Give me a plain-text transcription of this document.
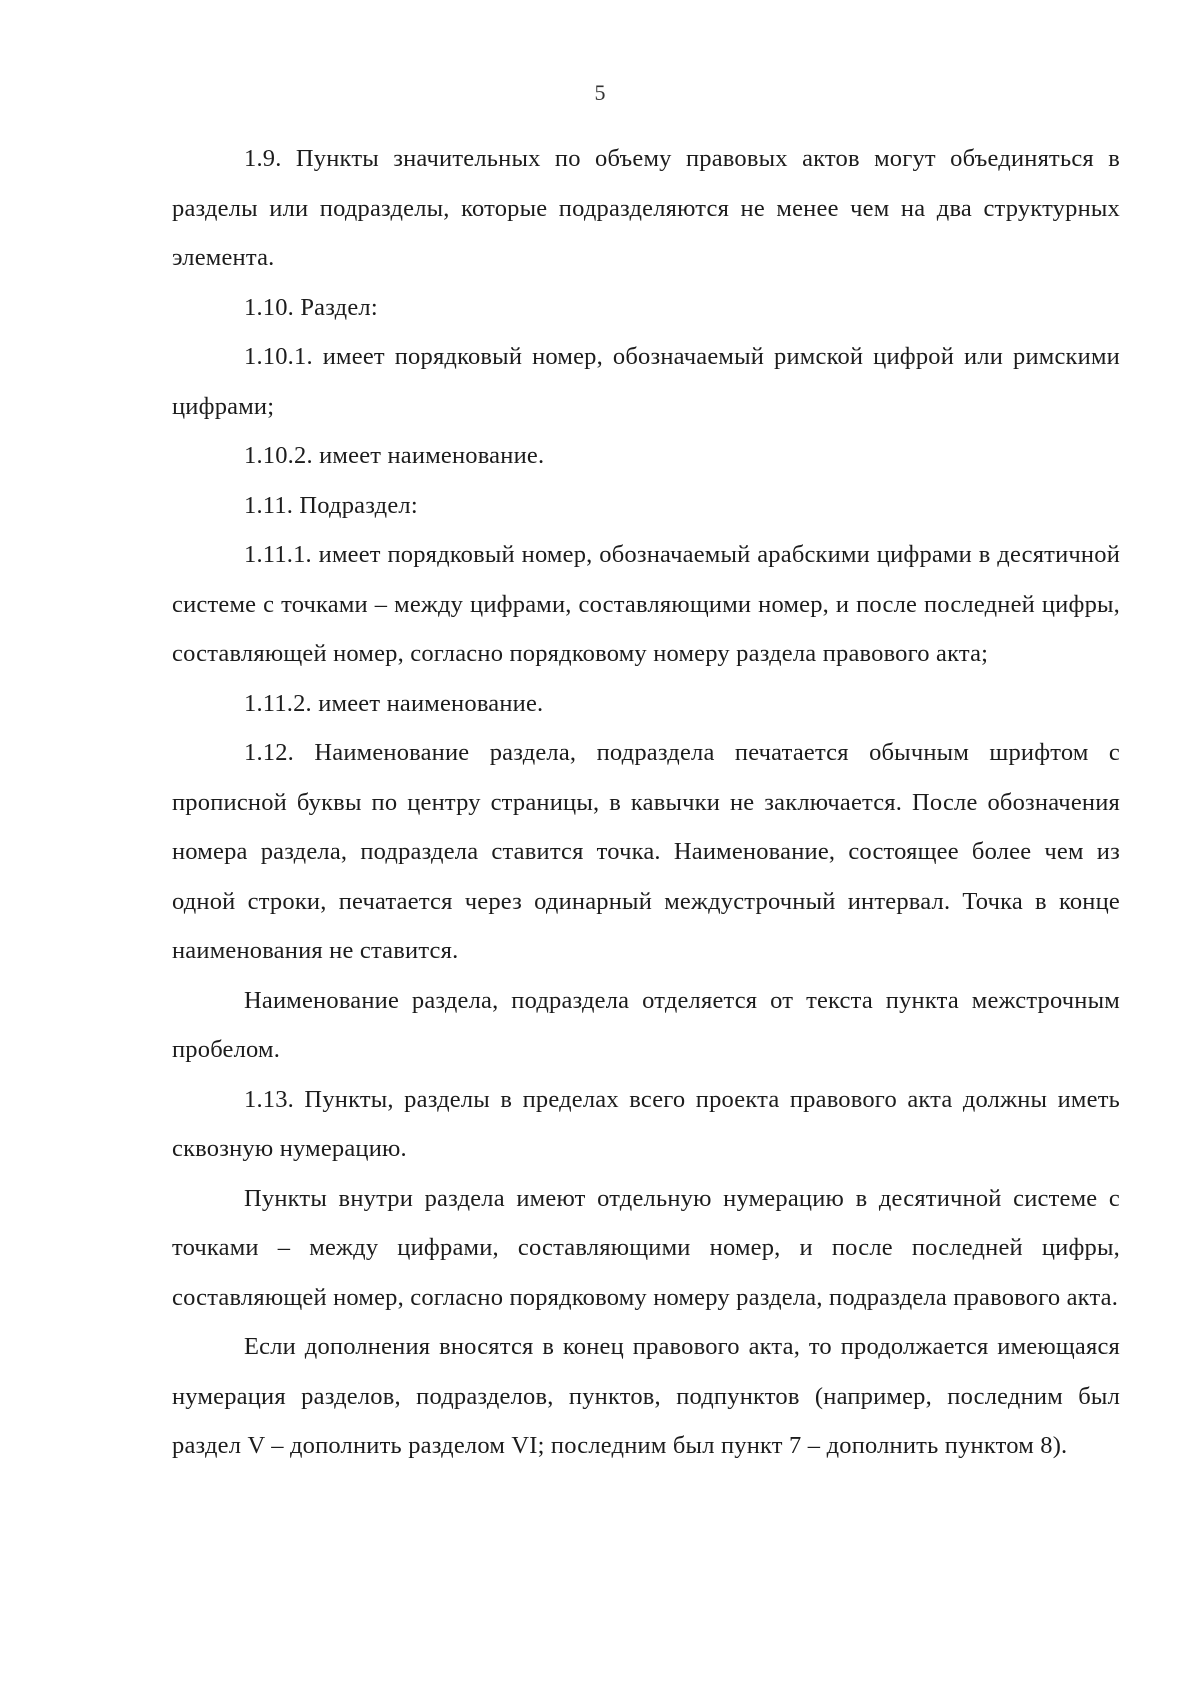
5

1.9. Пункты значительных по объему правовых актов могут объединяться в разделы или подразделы, которые подразделяются не менее чем на два структурных элемента.

1.10. Раздел:

1.10.1. имеет порядковый номер, обозначаемый римской цифрой или римскими цифрами;

1.10.2. имеет наименование.

1.11. Подраздел:

1.11.1. имеет порядковый номер, обозначаемый арабскими цифрами в десятичной системе с точками – между цифрами, составляющими номер, и после последней цифры, составляющей номер, согласно порядковому номеру раздела правового акта;

1.11.2. имеет наименование.

1.12. Наименование раздела, подраздела печатается обычным шрифтом с прописной буквы по центру страницы, в кавычки не заключается. После обозначения номера раздела, подраздела ставится точка. Наименование, состоящее более чем из одной строки, печатается через одинарный междустрочный интервал. Точка в конце наименования не ставится.

Наименование раздела, подраздела отделяется от текста пункта межстрочным пробелом.

1.13. Пункты, разделы в пределах всего проекта правового акта должны иметь сквозную нумерацию.

Пункты внутри раздела имеют отдельную нумерацию в десятичной системе с точками – между цифрами, составляющими номер, и после последней цифры, составляющей номер, согласно порядковому номеру раздела, подраздела правового акта.

Если дополнения вносятся в конец правового акта, то продолжается имеющаяся нумерация разделов, подразделов, пунктов, подпунктов (например, последним был раздел V – дополнить разделом VI; последним был пункт 7 – дополнить пунктом 8).
